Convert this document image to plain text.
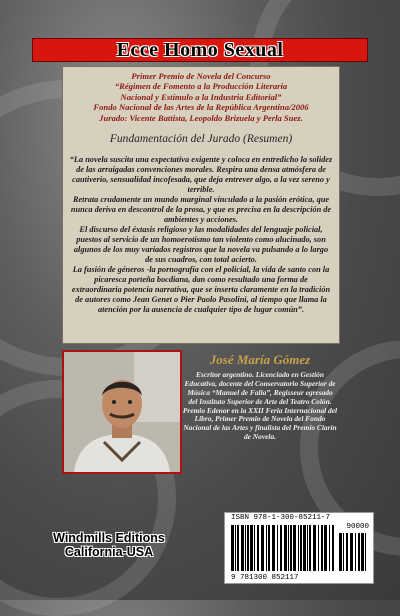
Ecce Homo Sexual
Primer Premio de Novela del Concurso
“Régimen de Fomento a la Producción Literaria
Nacional y Estímulo a la Industria Editorial”
Fondo Nacional de las Artes de la República Argentina/2006
Jurado: Vicente Battista, Leopoldo Brizuela y Perla Suez.
Fundamentación del Jurado (Resumen)
“La novela suscita una expectativa exigente y coloca en entredicho la solidez de las arraigadas convenciones morales. Respira una densa atmósfera de cautiverio, sensualidad incofesada, que deja entrever algo, a la vez sereno y terrible.
Retrata crudamente un mundo marginal vinculado a la pasión erótica, que nunca deriva en descontrol de la prosa, y que es precisa en la descripción de ambientes y acciones.
El discurso del éxtasis religioso y las modalidades del lenguaje policial, puestos al servicio de un homoerotismo tan violento como alucinado, son algunos de los muy variados registros que la novela va pulsando a lo largo de sus cuadros, con total acierto.
La fusión de géneros -la pornografía con el policial, la vida de santo con la picaresca porteña bocdiana, dan como resultado una forma de extraordinaria potencia narrativa, que se inserta claramente en la tradición de autores como Jean Genet o Pier Paolo Pasolini, al tiempo que llama la atención por la ausencia de cualquier tipo de lugar común”.
José María Gómez
Escritor argentino. Licenciado en Gestión Educativa, docente del Conservatorio Superior de Música “Manuel de Falla”, Regisseur egresado del Instituto Superior de Arte del Teatro Colón. Premio Edenor en la XXII Feria Internacional del Libro, Primer Premio de Novela del Fondo Nacional de las Artes y finalista del Premio Clarín de Novela.
Windmills Editions
California-USA
ISBN 978-1-300-85211-7
90000
9 781300 852117
